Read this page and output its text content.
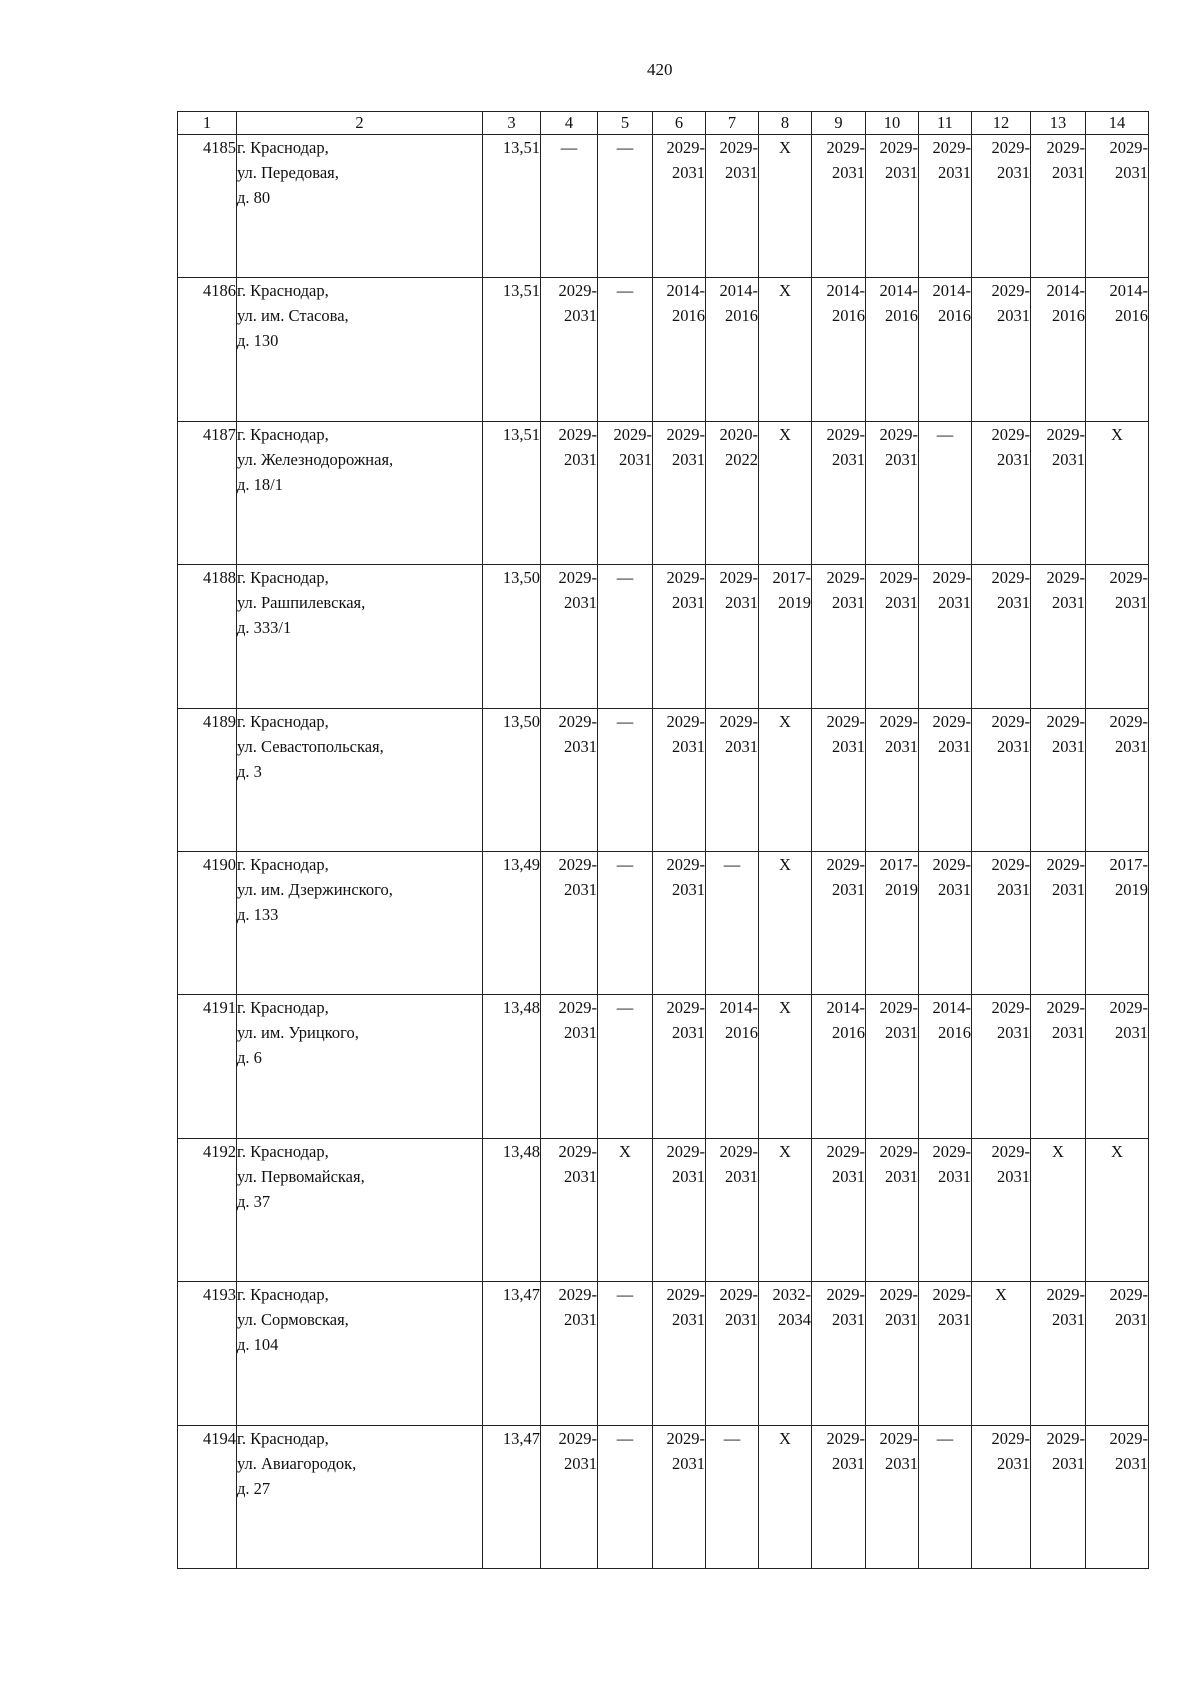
420
1	2	3	4	5	6	7	8	9	10	11	12	13	14
4185	г. Краснодар,
ул. Передовая,
д. 80	13,51	—	—	2029-
2031	2029-
2031	Х	2029-
2031	2029-
2031	2029-
2031	2029-
2031	2029-
2031	2029-
2031

4186	г. Краснодар,
ул. им. Стасова,
д. 130	13,51	2029-
2031	—	2014-
2016	2014-
2016	Х	2014-
2016	2014-
2016	2014-
2016	2029-
2031	2014-
2016	2014-
2016

4187	г. Краснодар,
ул. Железнодорожная,
д. 18/1	13,51	2029-
2031	2029-
2031	2029-
2031	2020-
2022	Х	2029-
2031	2029-
2031	—	2029-
2031	2029-
2031	Х
4188	г. Краснодар,
ул. Рашпилевская,
д. 333/1	13,50	2029-
2031	—	2029-
2031	2029-
2031	2017-
2019	2029-
2031	2029-
2031	2029-
2031	2029-
2031	2029-
2031	2029-
2031

4189	г. Краснодар,
ул. Севастопольская,
д. 3	13,50	2029-
2031	—	2029-
2031	2029-
2031	Х	2029-
2031	2029-
2031	2029-
2031	2029-
2031	2029-
2031	2029-
2031

4190	г. Краснодар,
ул. им. Дзержинского,
д. 133	13,49	2029-
2031	—	2029-
2031	—	Х	2029-
2031	2017-
2019	2029-
2031	2029-
2031	2029-
2031	2017-
2019

4191	г. Краснодар,
ул. им. Урицкого,
д. 6	13,48	2029-
2031	—	2029-
2031	2014-
2016	Х	2014-
2016	2029-
2031	2014-
2016	2029-
2031	2029-
2031	2029-
2031

4192	г. Краснодар,
ул. Первомайская,
д. 37	13,48	2029-
2031	Х	2029-
2031	2029-
2031	Х	2029-
2031	2029-
2031	2029-
2031	2029-
2031	Х	Х
4193	г. Краснодар,
ул. Сормовская,
д. 104	13,47	2029-
2031	—	2029-
2031	2029-
2031	2032-
2034	2029-
2031	2029-
2031	2029-
2031	Х	2029-
2031	2029-
2031

4194	г. Краснодар,
ул. Авиагородок,
д. 27	13,47	2029-
2031	—	2029-
2031	—	Х	2029-
2031	2029-
2031	—	2029-
2031	2029-
2031	2029-
2031
